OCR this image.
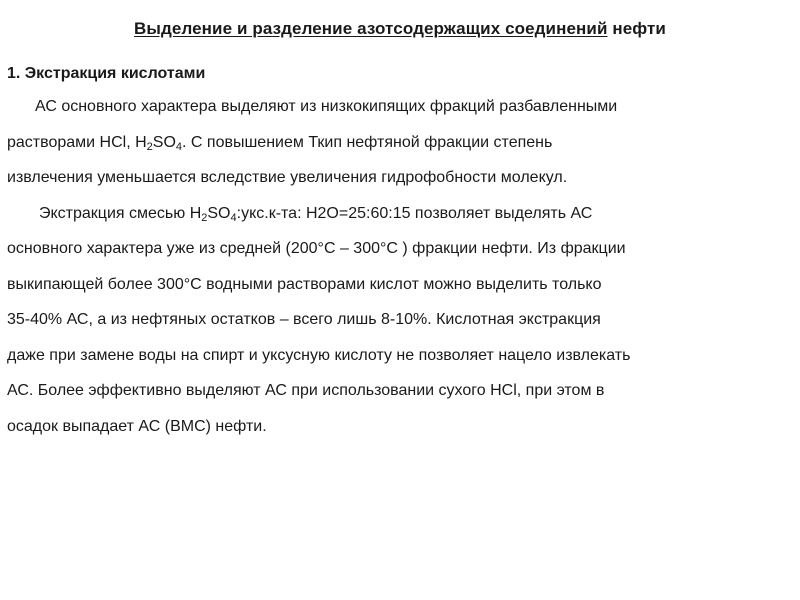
Выделение и разделение азотсодержащих соединений нефти
1. Экстракция кислотами
АС основного характера выделяют из низкокипящих фракций разбавленными
растворами HCl, $H_2SO_4$. С повышением Ткип нефтяной фракции степень
извлечения уменьшается вследствие увеличения гидрофобности молекул.
Экстракция смесью $H_2SO_4:укс.к-та$: H2O=25:60:15 позволяет выделять АС
основного характера уже из средней (200°С – 300°С ) фракции нефти. Из фракции
выкипающей более 300°С водными растворами кислот можно выделить только
35-40% АС, а из нефтяных остатков – всего лишь 8-10%. Кислотная экстракция
даже при замене воды на спирт и уксусную кислоту не позволяет нацело извлекать
АС. Более эффективно выделяют АС при использовании сухого HCl, при этом в
осадок выпадает АС (ВМС) нефти.
